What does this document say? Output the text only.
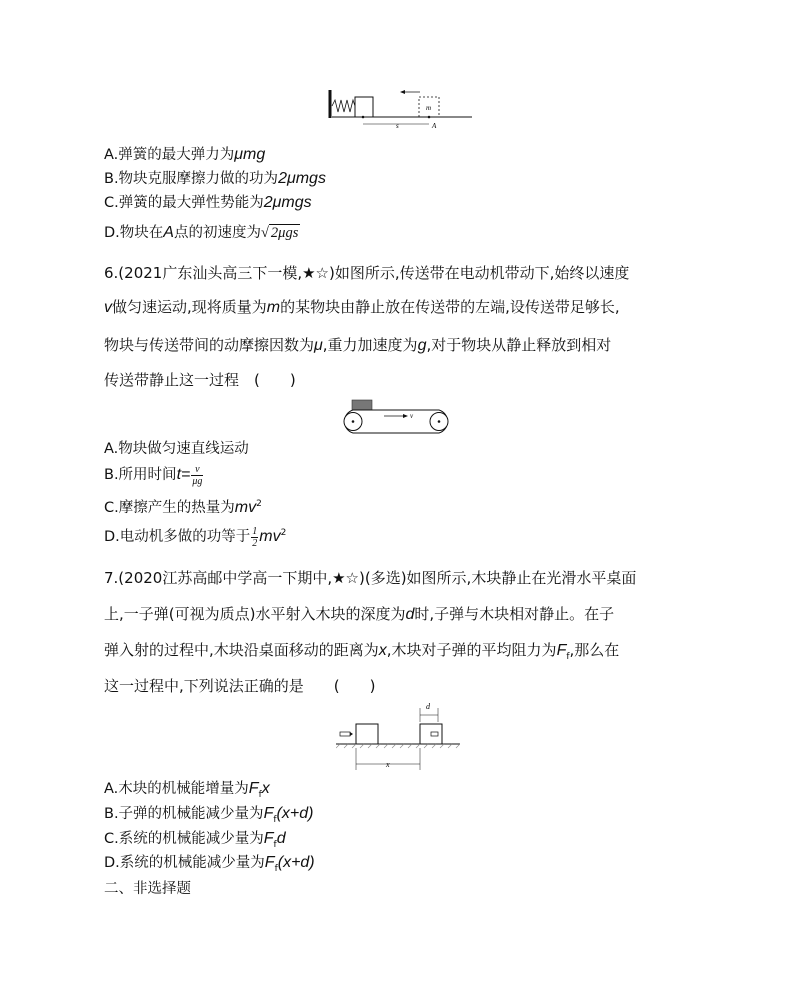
m
s	A
A.弹簧的最大弹力为μmg
B.物块克服摩擦力做的功为2μmgs
C.弹簧的最大弹性势能为2μmgs
D.物块在A点的初速度为√ 2μgs
6.(2021广东汕头高三下一模,★☆)如图所示,传送带在电动机带动下,始终以速度
v做匀速运动,现将质量为m的某物块由静止放在传送带的左端,设传送带足够长,
物块与传送带间的动摩擦因数为μ,重力加速度为g,对于物块从静止释放到相对
传送带静止这一过程　(　　)
v
A.物块做匀速直线运动
B.所用时间$t= \frac{v}{\mu g}$
C.摩擦产生的热量为$mv^2$
D.电动机多做的功等于 $\frac{1}{2} mv^2$
7.(2020江苏高邮中学高一下期中,★☆)(多选)如图所示,木块静止在光滑水平桌面
上,一子弹(可视为质点)水平射入木块的深度为d时,子弹与木块相对静止。在子
弹入射的过程中,木块沿桌面移动的距离为x,木块对子弹的平均阻力为$F_f$,那么在
这一过程中,下列说法正确的是　　(　　)
d
x
A.木块的机械能增量为$F_fx$
B.子弹的机械能减少量为$F_f(x+d)$
C.系统的机械能减少量为$F_fd$
D.系统的机械能减少量为$F_f(x+d)$
二、非选择题
